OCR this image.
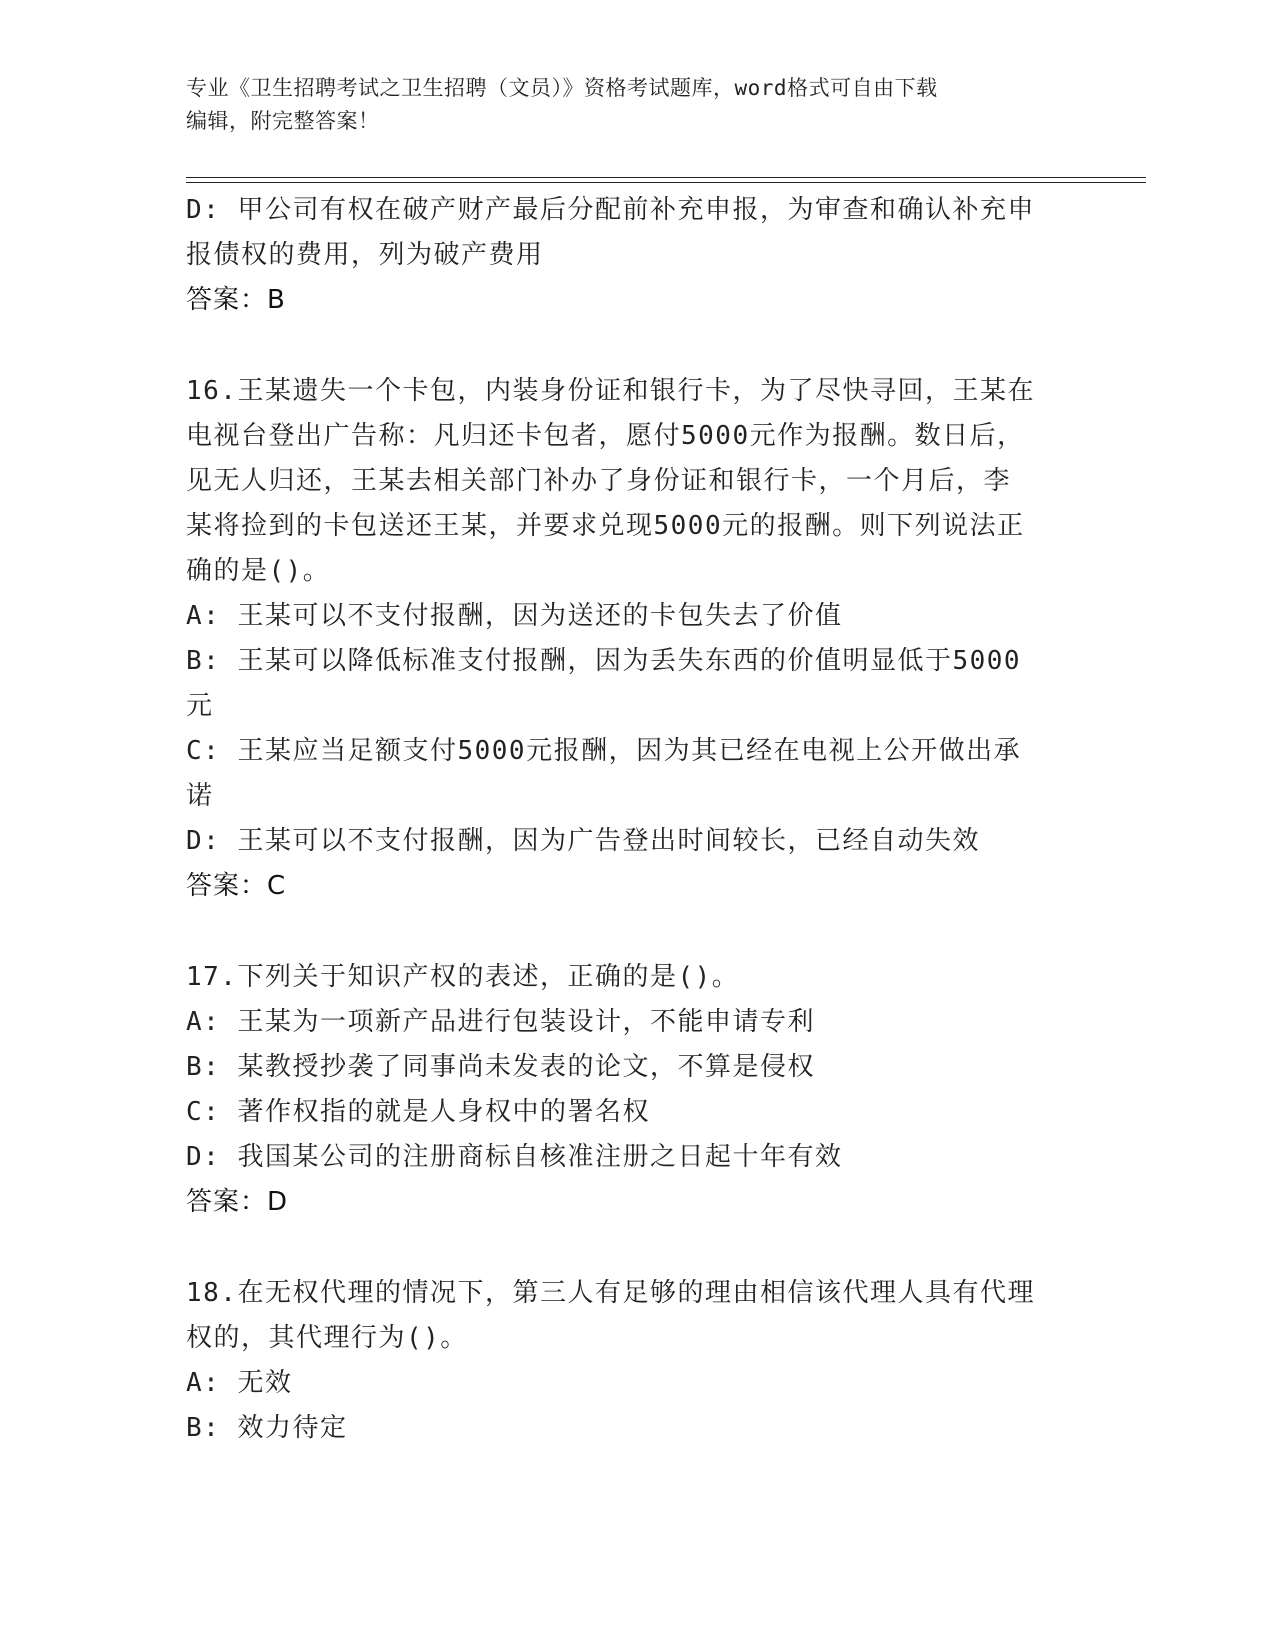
专业《卫生招聘考试之卫生招聘（文员）》资格考试题库，word格式可自由下载
编辑，附完整答案！
D: 甲公司有权在破产财产最后分配前补充申报，为审查和确认补充申
报债权的费用，列为破产费用
答案：B
16.王某遗失一个卡包，内装身份证和银行卡，为了尽快寻回，王某在
电视台登出广告称：凡归还卡包者，愿付5000元作为报酬。数日后，
见无人归还，王某去相关部门补办了身份证和银行卡，一个月后，李
某将捡到的卡包送还王某，并要求兑现5000元的报酬。则下列说法正
确的是()。
A: 王某可以不支付报酬，因为送还的卡包失去了价值
B: 王某可以降低标准支付报酬，因为丢失东西的价值明显低于5000
元
C: 王某应当足额支付5000元报酬，因为其已经在电视上公开做出承
诺
D: 王某可以不支付报酬，因为广告登出时间较长，已经自动失效
答案：C
17.下列关于知识产权的表述，正确的是()。
A: 王某为一项新产品进行包装设计，不能申请专利
B: 某教授抄袭了同事尚未发表的论文，不算是侵权
C: 著作权指的就是人身权中的署名权
D: 我国某公司的注册商标自核准注册之日起十年有效
答案：D
18.在无权代理的情况下，第三人有足够的理由相信该代理人具有代理
权的，其代理行为()。
A: 无效
B: 效力待定
